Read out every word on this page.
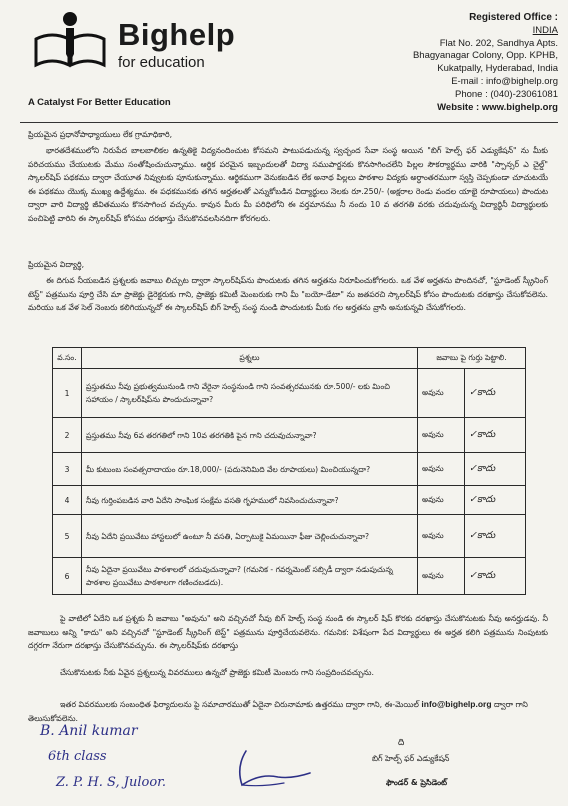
Bighelp
for education
A Catalyst For Better Education
Registered Office :
INDIA
Flat No. 202, Sandhya Apts.
Bhagyanagar Colony, Opp. KPHB,
Kukatpally, Hyderabad, India
E-mail : info@bighelp.org
Phone : (040)-23061081
Website : www.bighelp.org
ప్రియమైన ప్రధానోపాధ్యాయులు లేక గ్రామాధికారి,
భారతదేశములోని నిరుపేద బాలబాలికల ఉన్నతికై విద్యనందించుట కోసమని పాటుపడుచున్న స్వచ్ఛంద సేవా సంస్థ అయిన "బిగ్ హెల్ప్ ఫర్ ఎడ్యుకేషన్" ను మీకు పరిచయము చేయుటకు మేము సంతోషించుచున్నాము. ఆర్థిక పరమైన ఇబ్బందులతో విద్యా సముపార్జనకు కొనసాగించలేని పిల్లల సౌకర్యార్థము వారికి "స్పాన్సర్ ఎ చైల్డ్" స్కాలర్‌షిప్ పథకము ద్వారా చేయూత నివ్వుటకు పూనుకున్నాము. ఆర్థికముగా వెనుకబడిన లేక అనాథ పిల్లలు పాఠశాల విద్యకు అర్ధాంతరముగా స్వస్తి చెప్పకుండా చూచుటయే ఈ పథకము యొక్క ముఖ్య ఉద్దేశ్యము. ఈ పధకమునకు తగిన అర్హతలతో ఎన్నుకోబడిన విద్యార్థులు నెలకు రూ.250/- (అక్షరాల రెండు వందల యాభై రూపాయలు) పొందుట ద్వారా వారి విద్యార్థి జీవితమును కొనసాగించ వచ్చును. కావున మీరు మీ పరిధిలోని ఈ వర్తమానము నీ నందు 10 వ తరగతి వరకు చదువుచున్న విద్యార్థినీ విద్యార్థులకు పంచిపెట్టి వారిని ఈ స్కాలర్‌షిప్ కోసము దరఖాస్తు చేసుకొనవలసినదిగా కోరగలరు.
ప్రియమైన విద్యార్థి,
ఈ దిగువ నీయబడిన ప్రశ్నలకు జవాబు లిచ్చుట ద్వారా స్కాలర్‌షిప్‌ను పొందుటకు తగిన అర్హతను నిరూపించుకోగలరు. ఒక వేళ అర్హతను పొందినచో, "స్టూడెంట్ స్క్రీనింగ్ టెస్ట్" పత్రమును పూర్తి చేసి మా ప్రాజెక్టు డైరెక్టరుకు గాని, ప్రాజెక్టు కమిటీ మెంబరుకు గాని మీ "బయో-డేటా" ను జతపరచి స్కాలర్‌షిప్ కోసం పొందుటకు దరఖాస్తు చేసుకోవలెను. మరియు ఒక వేళ సెల్ నెంబరు కలిగియున్నచో ఈ స్కాలర్‌షిప్ బిగ్ హెల్ప్ సంస్థ నుండి పొందుటకు మీకు గల అర్హతను వ్రాసి అనుకున్నవి చేసుకోగలరు.
వ.సం.	ప్రశ్నలు	జవాబు పై గుర్తు పెట్టాలి.	
1	ప్రస్తుతము నీవు ప్రభుత్వమునుండి గాని వేరైనా సంస్థనుండి గాని సంవత్సరమునకు రూ.500/- లకు మించి సహాయం / స్కాలర్‌షిప్‌ను పొందుచున్నావా?	అవును	✓కాదు
2	ప్రస్తుతము నీవు 6వ తరగతిలో గాని 10వ తరగతికి పైన గాని చదువుచున్నావా?	అవును	✓కాదు
3	మీ కుటుంబ సంవత్సరాదాయం రూ.18,000/- (పదునెనిమిది వేల రూపాయలు) మించియున్నదా?	అవును	✓కాదు
4	నీవు గుర్తింపబడిన వారి ఏదేని సాంఘిక సంక్షేమ వసతి గృహములో నివసించుచున్నావా?	అవును	✓కాదు
5	నీవు ఏదేని ప్రయివేటు హాస్టలులో ఉంటూ నీ వసతి, ఏర్పాటుకై ఏమయినా ఫీజు చెల్లించుచున్నావా?	అవును	✓కాదు
6	నీవు ఏదైనా ప్రయివేటు పాఠశాలలో చదువుచున్నావా? (గమనిక - గవర్నమెంట్ సబ్సిడీ ద్వారా నడుపుచున్న పాఠశాల ప్రయివేటు పాఠశాలగా గణించబడదు).	అవును	✓కాదు
పై వాటిలో ఏదేని ఒక ప్రశ్నకు నీ జవాబు "అవును" అని వచ్చినచో నీవు బిగ్ హెల్ప్ సంస్థ నుండి ఈ స్కాలర్ షిప్ కొరకు దరఖాస్తు చేసుకొనుటకు నీవు అనర్హుడవు. నీ జవాబులు అన్ని "కాదు" అని వచ్చినచో "స్టూడెంట్ స్క్రీనింగ్ టెస్ట్" పత్రమును పూర్తిచేయవలెను. గమనిక: విశేషంగా పేద విద్యార్థులు ఈ అర్హత కలిగి పత్రమును నింపుటకు దగ్గరగా నేరుగా దరఖాస్తు చేసుకొనవచ్చును. ఈ స్కాలర్‌షిప్‌కు దరఖాస్తు
చేసుకొనుటకు నీకు ఏవైన ప్రశ్నలున్న వివరములు ఉన్నచో ప్రాజెక్టు కమిటీ మెంబరు గాని సంప్రదించవచ్చును.
ఇతర వివరములకు సంబంధిత ఫిర్యాదులను పై సమాచారముతో ఏదైనా చిరునామాకు ఉత్తరము ద్వారా గాని, ఈ-మెయిల్ info@bighelp.org ద్వారా గాని తెలుసుకోవలెను.
ది
బిగ్ హెల్ప్ ఫర్ ఎడ్యుకేషన్
ఫౌండర్ & ప్రెసిడెంట్
B. Anil kumar
6th class
Z. P. H. S, Juloor.
